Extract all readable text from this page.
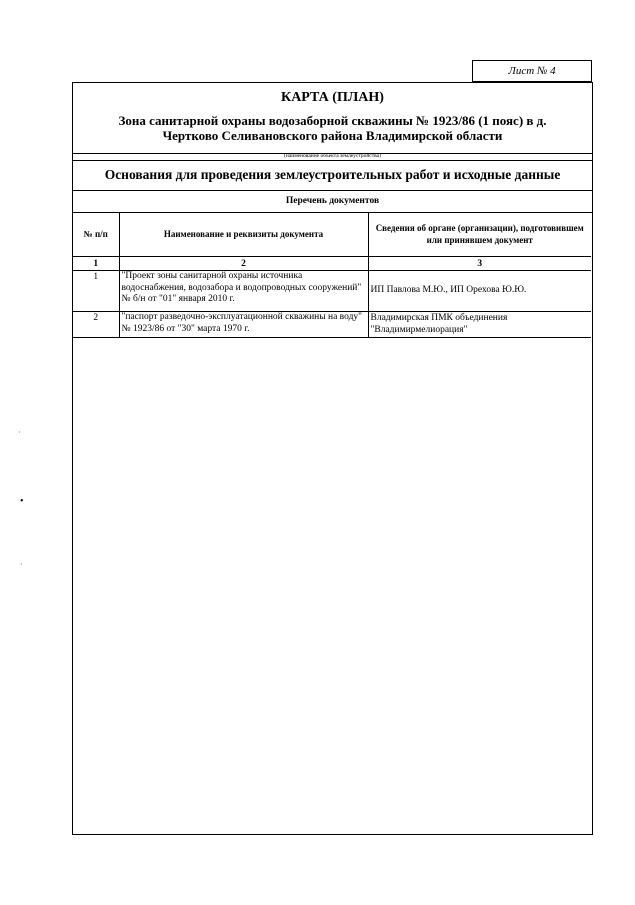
Лист № 4
КАРТА (ПЛАН)
Зона санитарной охраны водозаборной скважины № 1923/86 (1 пояс) в д. Чертково Селивановского района Владимирской области
(наименование объекта землеустройства)
Основания для проведения землеустроительных работ и исходные данные
Перечень документов
№ п/п	Наименование и реквизиты документа	Сведения об органе (организации), подготовившем или принявшем документ
1	2	3
1	"Проект зоны санитарной охраны источника водоснабжения, водозабора и водопроводных сооружений" № б/н от "01" января 2010 г.	ИП Павлова М.Ю., ИП Орехова Ю.Ю.
2	"паспорт разведочно-эксплуатационной скважины на воду" № 1923/86 от "30" марта 1970 г.	Владимирская ПМК объединения "Владимирмелиорация"
·
•
·
